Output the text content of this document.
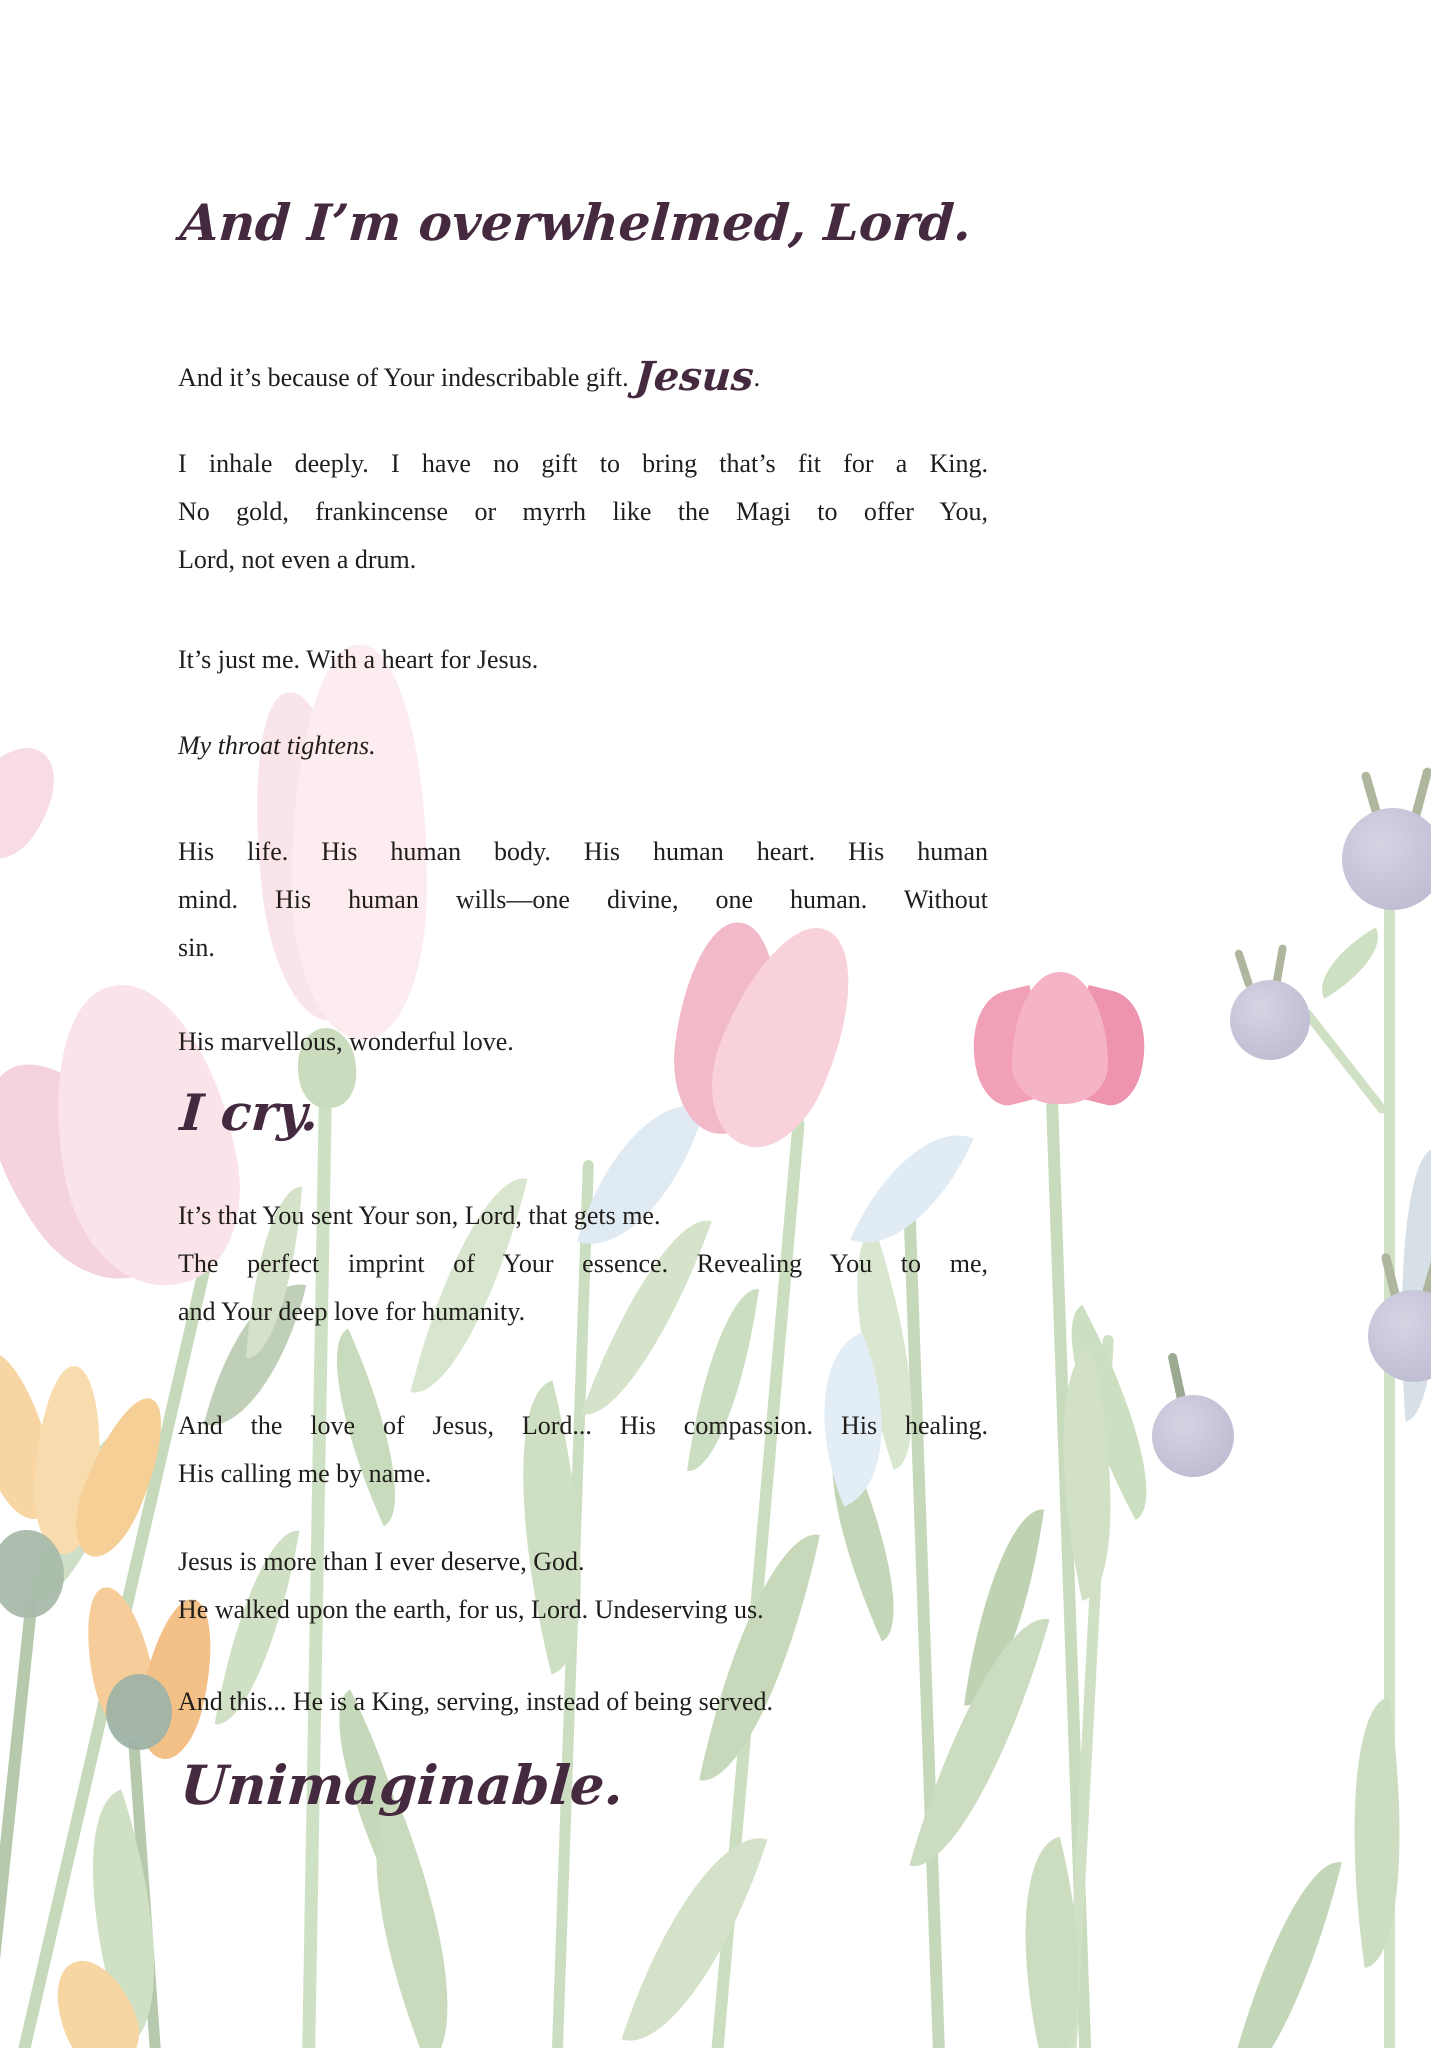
And I’m overwhelmed, Lord.

And it’s because of Your indescribable gift. Jesus.

I inhale deeply. I have no gift to bring that’s fit for a King.
No gold, frankincense or myrrh like the Magi to offer You,
Lord, not even a drum.

It’s just me. With a heart for Jesus.

My throat tightens.

His life. His human body. His human heart. His human
mind. His human wills—one divine, one human. Without
sin.

His marvellous, wonderful love.

I cry.
It’s that You sent Your son, Lord, that gets me.
The perfect imprint of Your essence. Revealing You to me,
and Your deep love for humanity.
And the love of Jesus, Lord... His compassion. His healing.
His calling me by name.
Jesus is more than I ever deserve, God.
He walked upon the earth, for us, Lord. Undeserving us.

And this... He is a King, serving, instead of being served.

Unimaginable.
